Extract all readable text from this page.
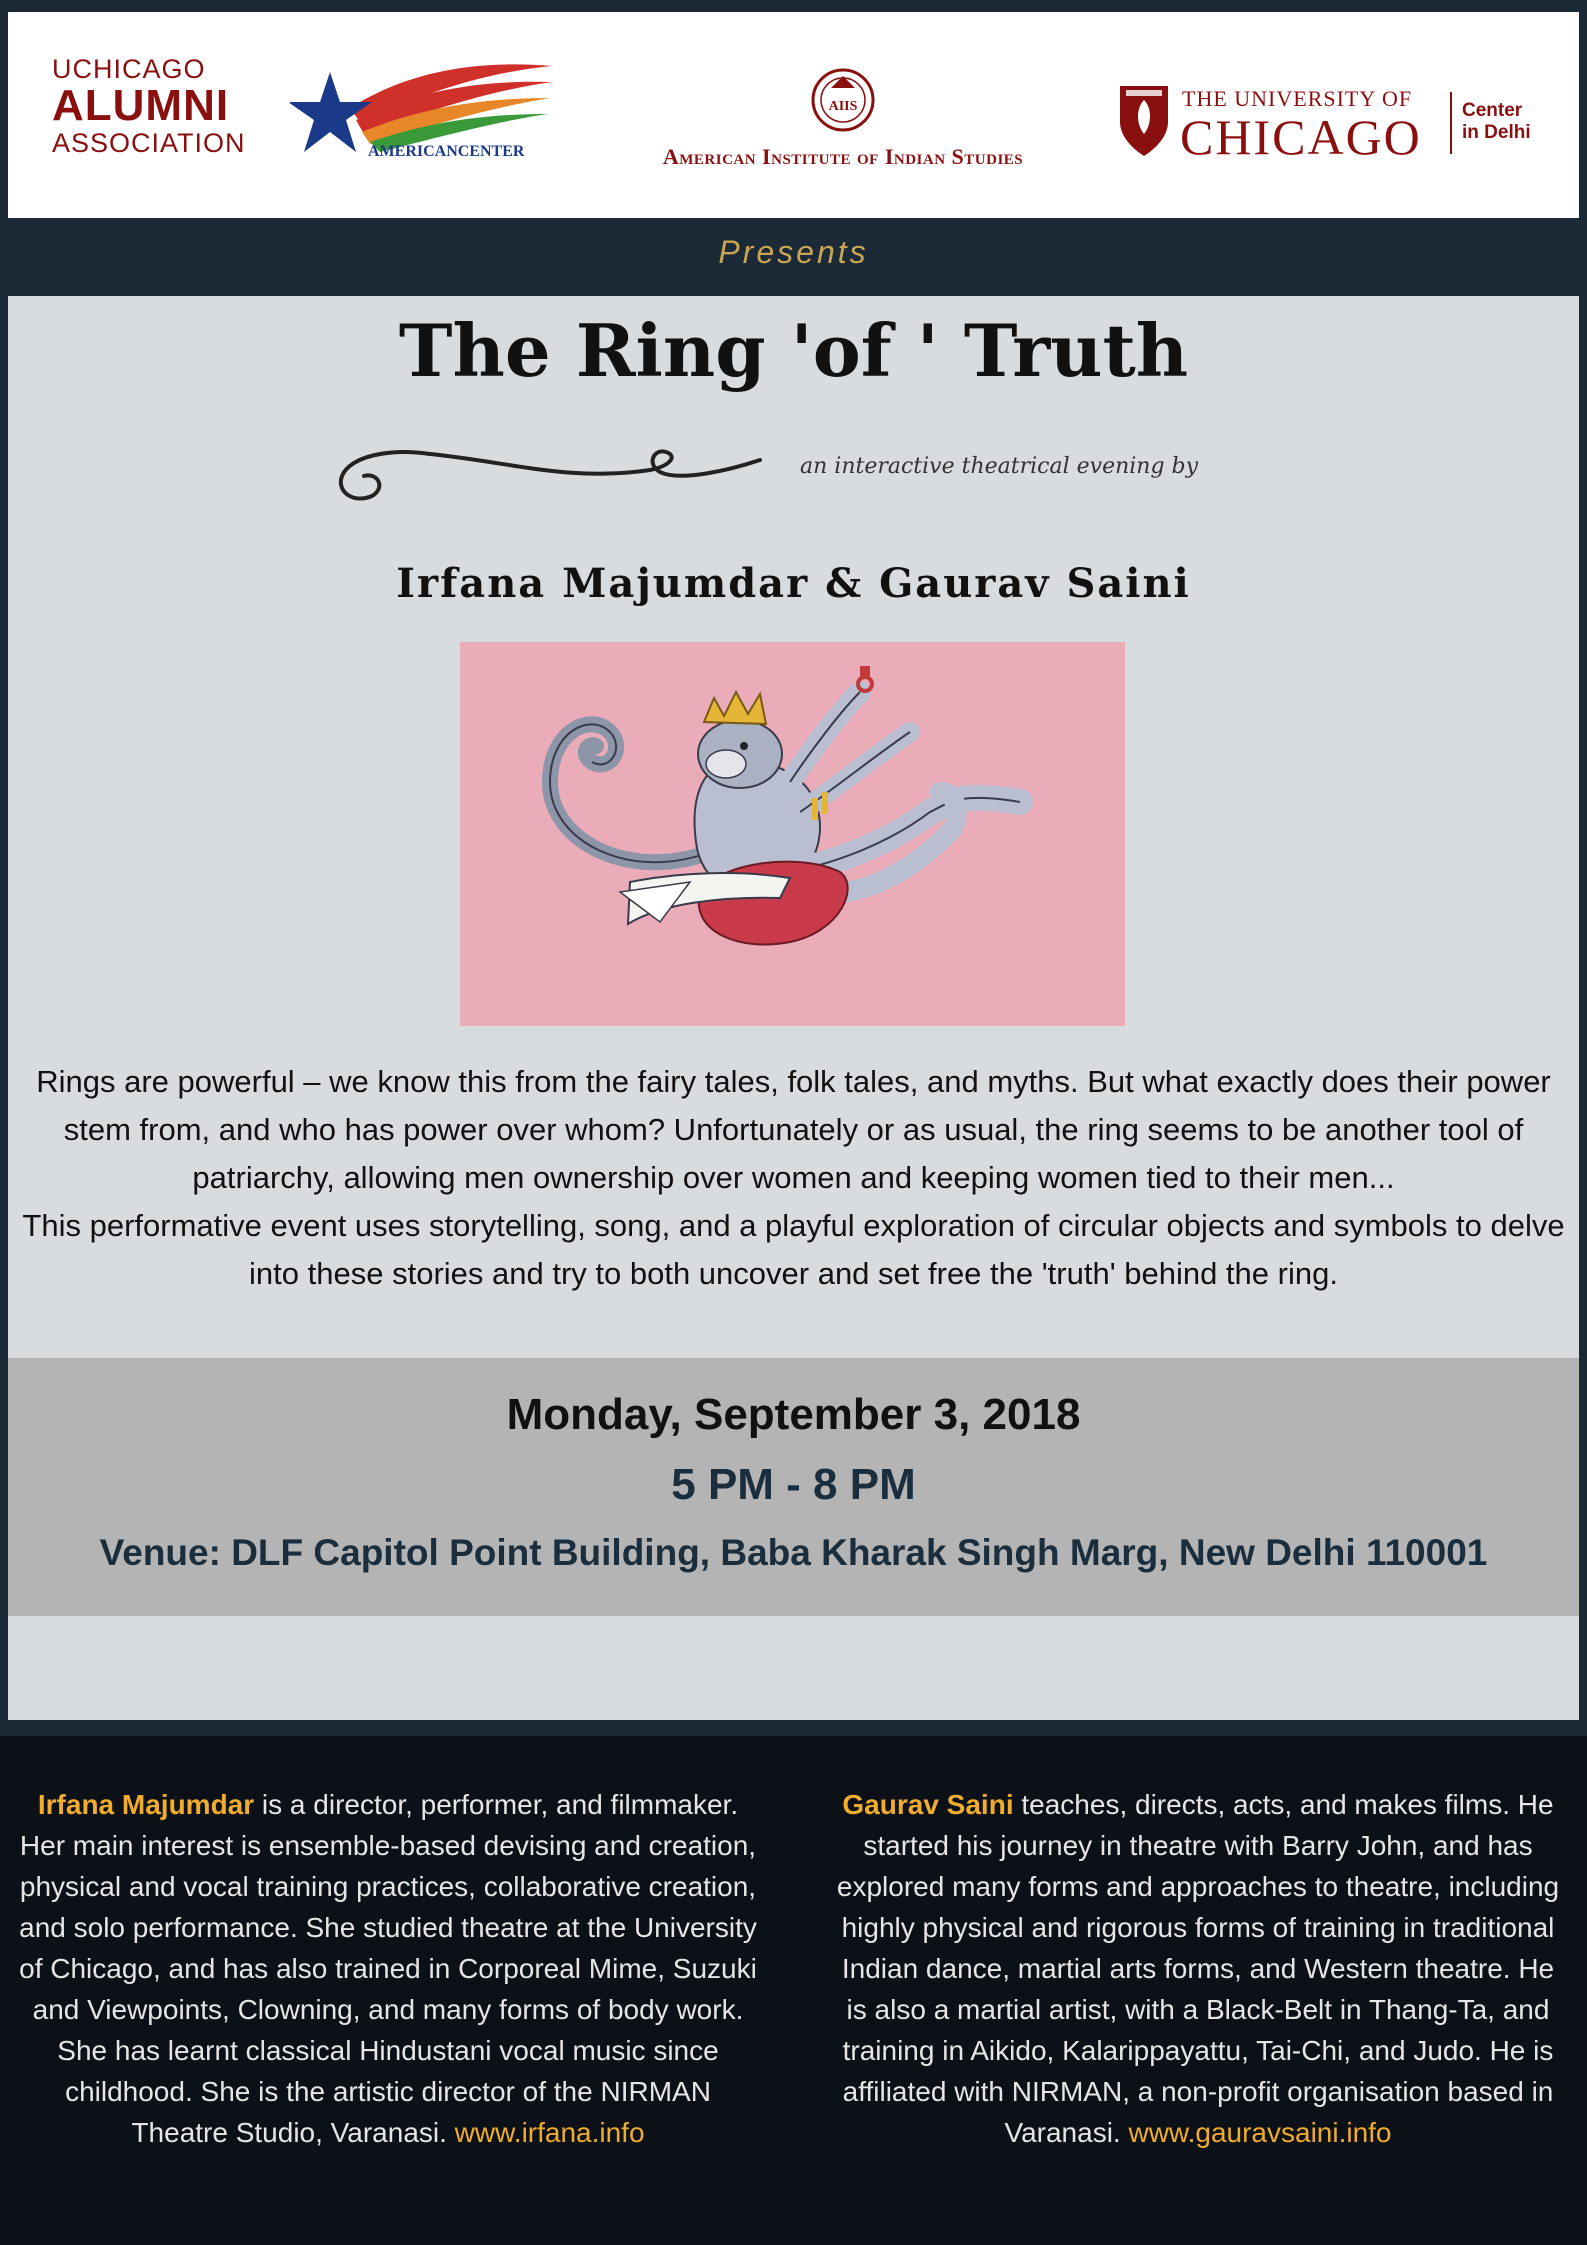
UCHICAGO
ALUMNI
ASSOCIATION	AMERICANCENTER
AIIS
American Institute of Indian Studies
THE UNIVERSITY OF
CHICAGO Center
in Delhi
Presents
The Ring 'of ' Truth
an interactive theatrical evening by
Irfana Majumdar & Gaurav Saini

Rings are powerful – we know this from the fairy tales, folk tales, and myths. But what exactly does their power stem from, and who has power over whom? Unfortunately or as usual, the ring seems to be another tool of patriarchy, allowing men ownership over women and keeping women tied to their men...

This performative event uses storytelling, song, and a playful exploration of circular objects and symbols to delve into these stories and try to both uncover and set free the 'truth' behind the ring.

Monday, September 3, 2018
5 PM - 8 PM
Venue: DLF Capitol Point Building, Baba Kharak Singh Marg, New Delhi 110001
Irfana Majumdar is a director, performer, and filmmaker. Her main interest is ensemble-based devising and creation, physical and vocal training practices, collaborative creation, and solo performance. She studied theatre at the University of Chicago, and has also trained in Corporeal Mime, Suzuki and Viewpoints, Clowning, and many forms of body work. She has learnt classical Hindustani vocal music since childhood. She is the artistic director of the NIRMAN Theatre Studio, Varanasi. www.irfana.info
Gaurav Saini teaches, directs, acts, and makes films. He started his journey in theatre with Barry John, and has explored many forms and approaches to theatre, including highly physical and rigorous forms of training in traditional Indian dance, martial arts forms, and Western theatre. He is also a martial artist, with a Black-Belt in Thang-Ta, and training in Aikido, Kalarippayattu, Tai-Chi, and Judo. He is affiliated with NIRMAN, a non-profit organisation based in Varanasi. www.gauravsaini.info
